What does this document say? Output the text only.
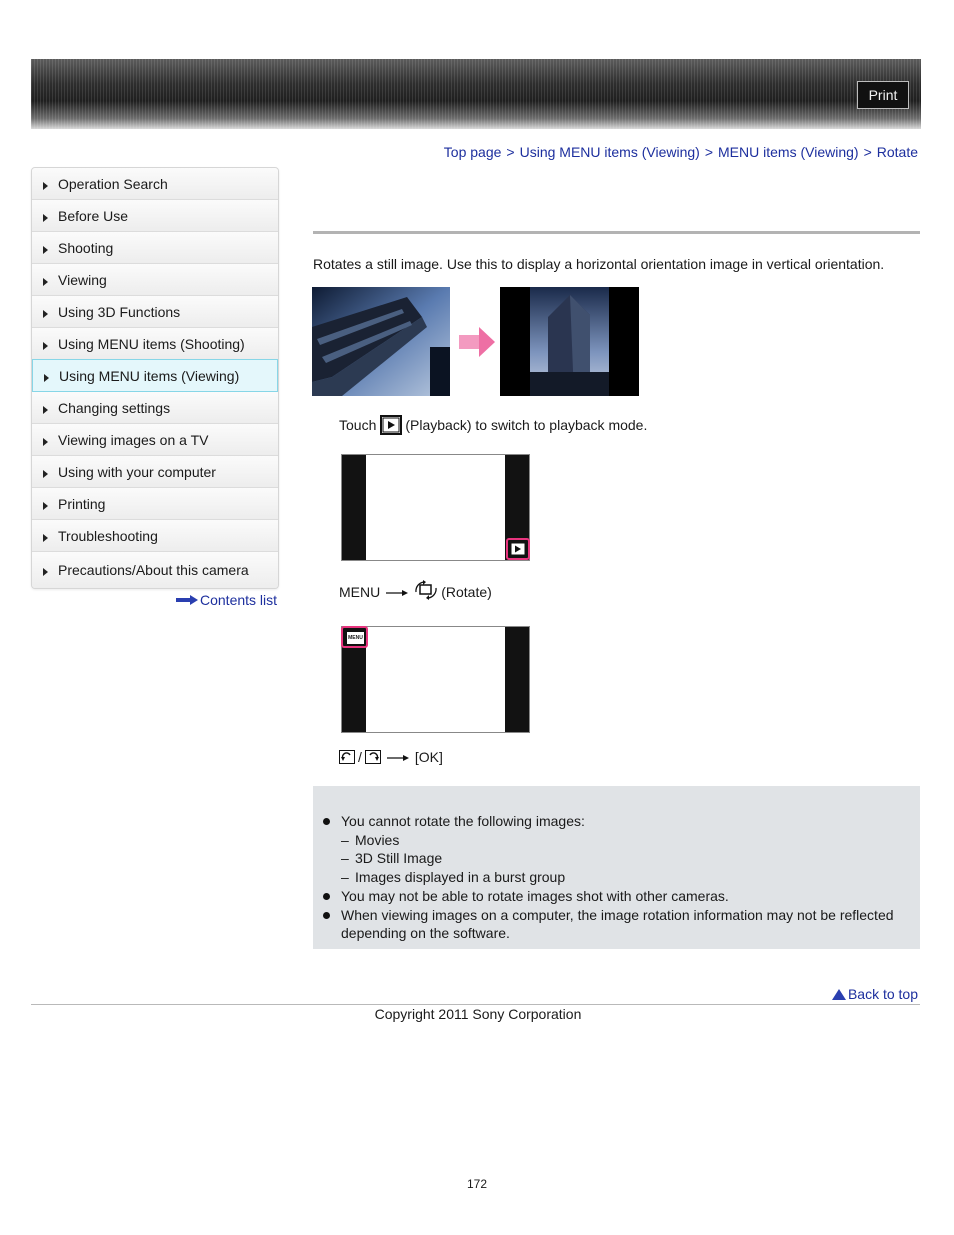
Print
Top page > Using MENU items (Viewing) > MENU items (Viewing) > Rotate
Operation Search
Before Use
Shooting
Viewing
Using 3D Functions
Using MENU items (Shooting)
Using MENU items (Viewing)
Changing settings
Viewing images on a TV
Using with your computer
Printing
Troubleshooting
Precautions/About this camera
Contents list
Rotates a still image. Use this to display a horizontal orientation image in vertical orientation.
Touch (Playback) to switch to playback mode.
MENU	(Rotate)
MENU
/	[OK]
You cannot rotate the following images:
– Movies
– 3D Still Image
– Images displayed in a burst group
You may not be able to rotate images shot with other cameras.
When viewing images on a computer, the image rotation information may not be reflected depending on the software.
Back to top
Copyright 2011 Sony Corporation
172
